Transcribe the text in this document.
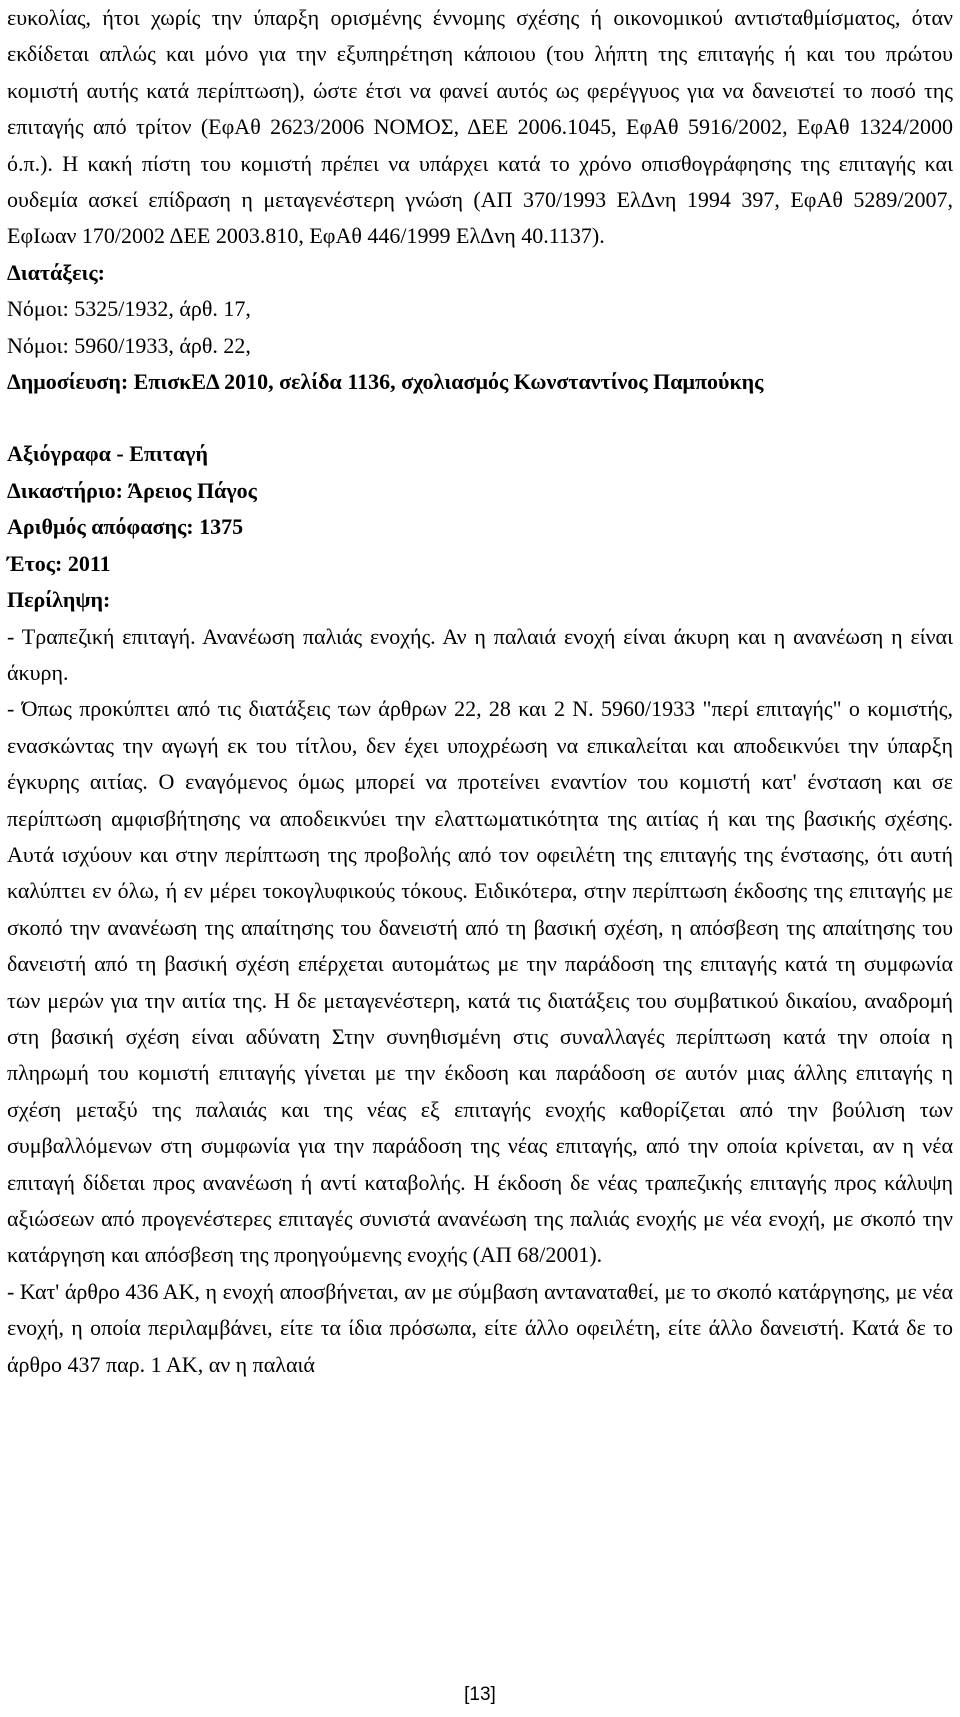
ευκολίας, ήτοι χωρίς την ύπαρξη ορισμένης έννομης σχέσης ή οικονομικού αντισταθμίσματος, όταν εκδίδεται απλώς και μόνο για την εξυπηρέτηση κάποιου (του λήπτη της επιταγής ή και του πρώτου κομιστή αυτής κατά περίπτωση), ώστε έτσι να φανεί αυτός ως φερέγγυος για να δανειστεί το ποσό της επιταγής από τρίτον (ΕφΑθ 2623/2006 ΝΟΜΟΣ, ΔΕΕ 2006.1045, ΕφΑθ 5916/2002, ΕφΑθ 1324/2000 ό.π.). Η κακή πίστη του κομιστή πρέπει να υπάρχει κατά το χρόνο οπισθογράφησης της επιταγής και ουδεμία ασκεί επίδραση η μεταγενέστερη γνώση (ΑΠ 370/1993 ΕλΔνη 1994 397, ΕφΑθ 5289/2007, ΕφΙωαν 170/2002 ΔΕΕ 2003.810, ΕφΑθ 446/1999 ΕλΔνη 40.1137).

Διατάξεις:

Νόμοι: 5325/1932, άρθ. 17,

Νόμοι: 5960/1933, άρθ. 22,

Δημοσίευση: ΕπισκΕΔ 2010, σελίδα 1136, σχολιασμός Κωνσταντίνος Παμπούκης

Αξιόγραφα - Επιταγή

Δικαστήριο: Άρειος Πάγος

Αριθμός απόφασης: 1375

Έτος: 2011

Περίληψη:

- Τραπεζική επιταγή. Ανανέωση παλιάς ενοχής. Αν η παλαιά ενοχή είναι άκυρη και η ανανέωση η είναι άκυρη.

- Όπως προκύπτει από τις διατάξεις των άρθρων 22, 28 και 2 Ν. 5960/1933 "περί επιταγής" ο κομιστής, ενασκώντας την αγωγή εκ του τίτλου, δεν έχει υποχρέωση να επικαλείται και αποδεικνύει την ύπαρξη έγκυρης αιτίας. Ο εναγόμενος όμως μπορεί να προτείνει εναντίον του κομιστή κατ' ένσταση και σε περίπτωση αμφισβήτησης να αποδεικνύει την ελαττωματικότητα της αιτίας ή και της βασικής σχέσης. Αυτά ισχύουν και στην περίπτωση της προβολής από τον οφειλέτη της επιταγής της ένστασης, ότι αυτή καλύπτει εν όλω, ή εν μέρει τοκογλυφικούς τόκους. Ειδικότερα, στην περίπτωση έκδοσης της επιταγής με σκοπό την ανανέωση της απαίτησης του δανειστή από τη βασική σχέση, η απόσβεση της απαίτησης του δανειστή από τη βασική σχέση επέρχεται αυτομάτως με την παράδοση της επιταγής κατά τη συμφωνία των μερών για την αιτία της. Η δε μεταγενέστερη, κατά τις διατάξεις του συμβατικού δικαίου, αναδρομή στη βασική σχέση είναι αδύνατη Στην συνηθισμένη στις συναλλαγές περίπτωση κατά την οποία η πληρωμή του κομιστή επιταγής γίνεται με την έκδοση και παράδοση σε αυτόν μιας άλλης επιταγής η σχέση μεταξύ της παλαιάς και της νέας εξ επιταγής ενοχής καθορίζεται από την βούλıση των συμβαλλόμενων στη συμφωνία για την παράδοση της νέας επιταγής, από την οποία κρίνεται, αν η νέα επιταγή δίδεται προς ανανέωση ή αντί καταβολής. Η έκδοση δε νέας τραπεζικής επιταγής προς κάλυψη αξιώσεων από προγενέστερες επιταγές συνιστά ανανέωση της παλιάς ενοχής με νέα ενοχή, με σκοπό την κατάργηση και απόσβεση της προηγούμενης ενοχής (ΑΠ 68/2001).

- Κατ' άρθρο 436 ΑΚ, η ενοχή αποσβήνεται, αν με σύμβαση ανταναταθεί, με το σκοπό κατάργησης, με νέα ενοχή, η οποία περιλαμβάνει, είτε τα ίδια πρόσωπα, είτε άλλο οφειλέτη, είτε άλλο δανειστή. Κατά δε το άρθρο 437 παρ. 1 ΑΚ, αν η παλαιά

[13]
